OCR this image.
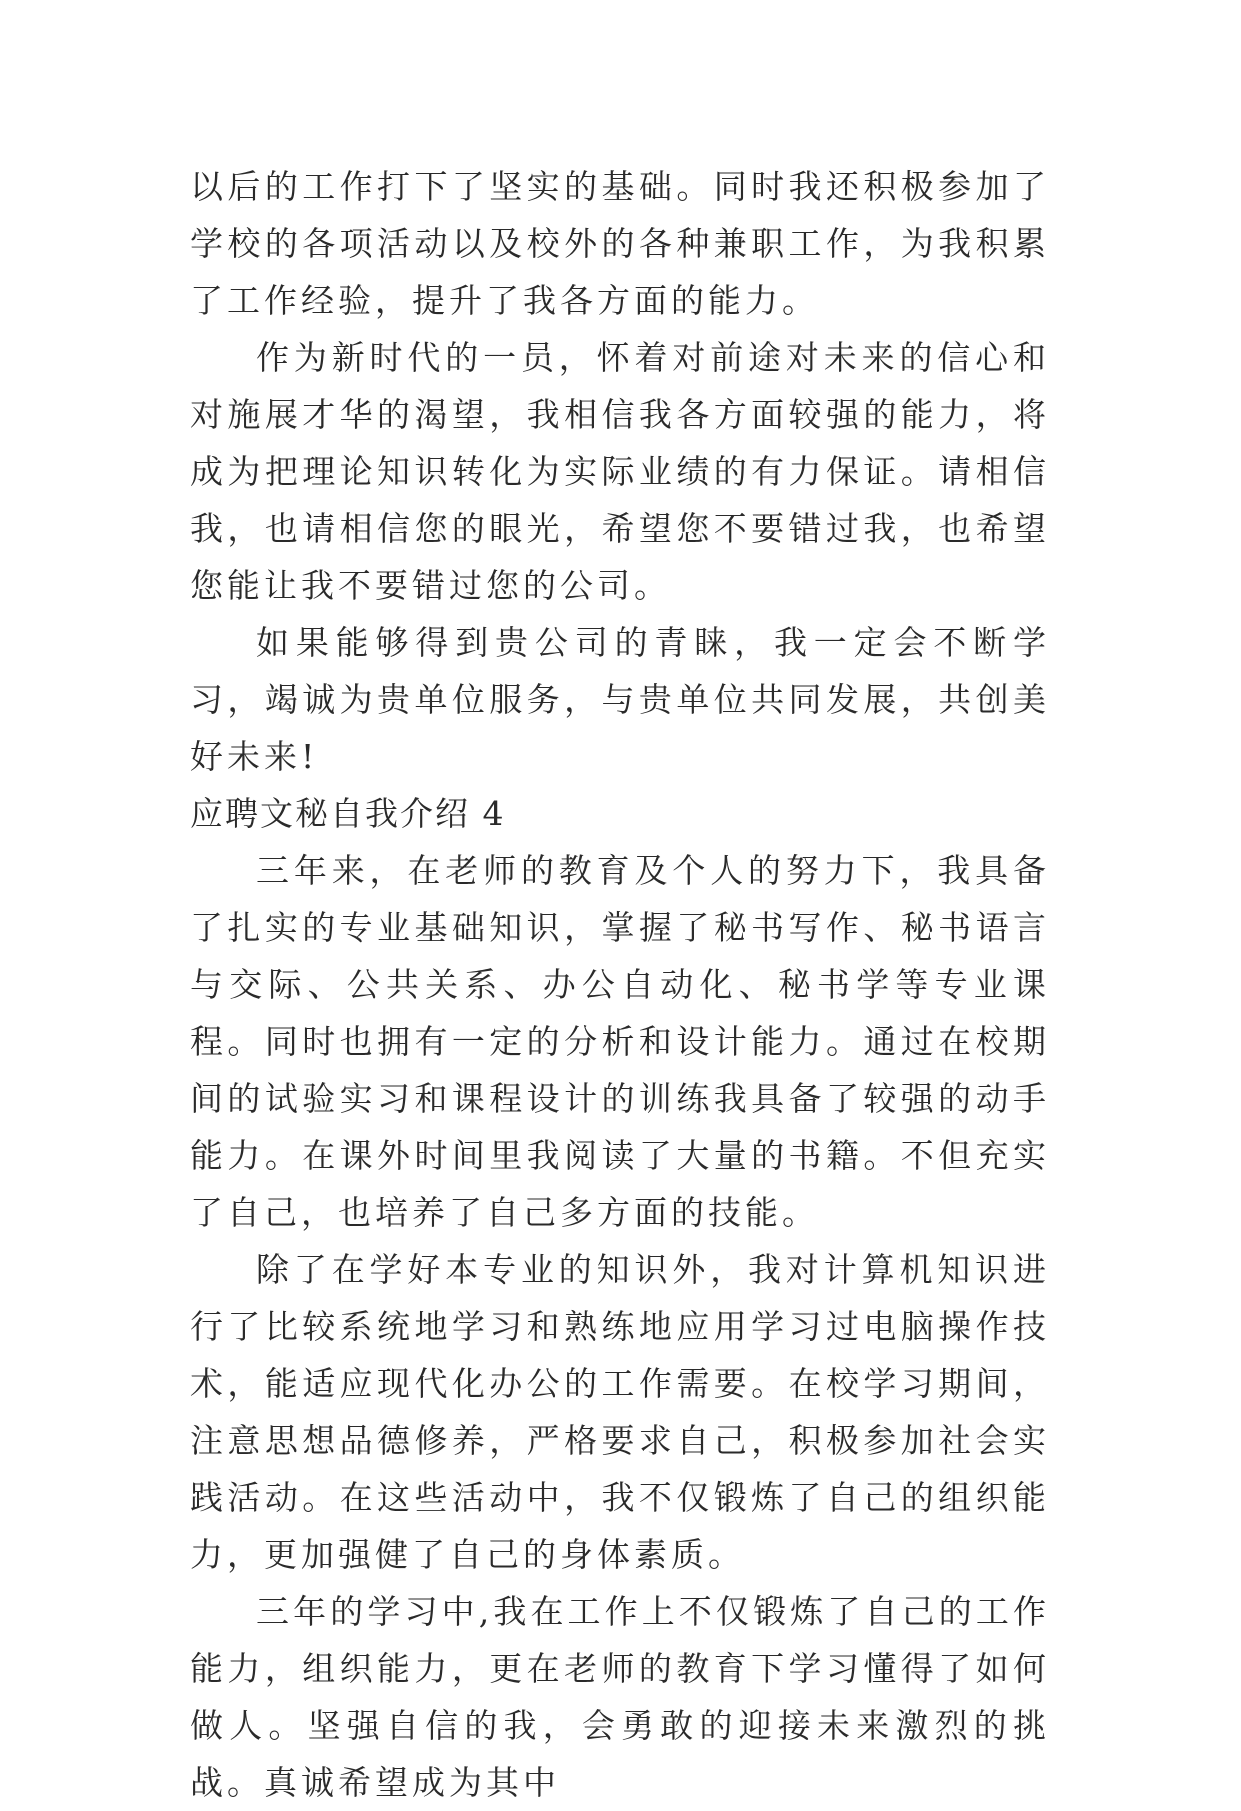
以后的工作打下了坚实的基础。同时我还积极参加了学校的各项活动以及校外的各种兼职工作，为我积累了工作经验，提升了我各方面的能力。

作为新时代的一员，怀着对前途对未来的信心和对施展才华的渴望，我相信我各方面较强的能力，将成为把理论知识转化为实际业绩的有力保证。请相信我，也请相信您的眼光，希望您不要错过我，也希望您能让我不要错过您的公司。

如果能够得到贵公司的青睐，我一定会不断学习，竭诚为贵单位服务，与贵单位共同发展，共创美好未来!

应聘文秘自我介绍 4

三年来，在老师的教育及个人的努力下，我具备了扎实的专业基础知识，掌握了秘书写作、秘书语言与交际、公共关系、办公自动化、秘书学等专业课程。同时也拥有一定的分析和设计能力。通过在校期间的试验实习和课程设计的训练我具备了较强的动手能力。在课外时间里我阅读了大量的书籍。不但充实了自己，也培养了自己多方面的技能。

除了在学好本专业的知识外，我对计算机知识进行了比较系统地学习和熟练地应用学习过电脑操作技术，能适应现代化办公的工作需要。在校学习期间，注意思想品德修养，严格要求自己，积极参加社会实践活动。在这些活动中，我不仅锻炼了自己的组织能力，更加强健了自己的身体素质。

三年的学习中,我在工作上不仅锻炼了自己的工作能力，组织能力，更在老师的教育下学习懂得了如何做人。坚强自信的我，会勇敢的迎接未来激烈的挑战。真诚希望成为其中
